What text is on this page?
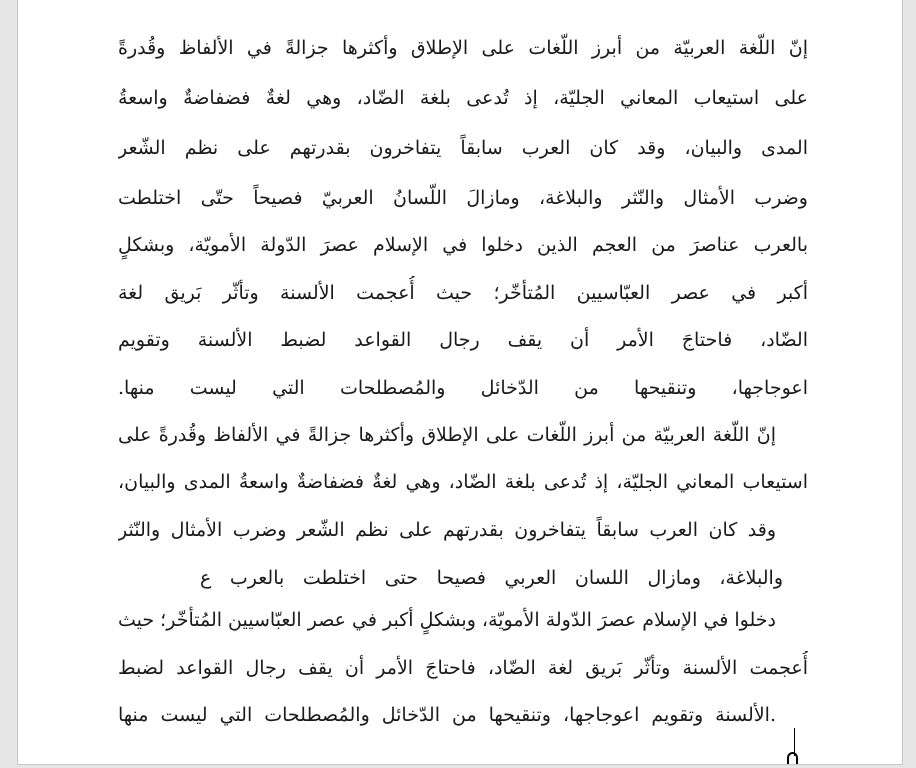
إنّ اللّغة العربيّة من أبرز اللّغات على الإطلاق وأكثرها جزالةً في الألفاظ وقُدرةً
على استيعاب المعاني الجليّة، إذ تُدعى بلغة الضّاد، وهي لغةٌ فضفاضةٌ واسعةُ
المدى والبيان، وقد كان العرب سابقاً يتفاخرون بقدرتهم على نظم الشّعر
وضرب الأمثال والنّثر والبلاغة، ومازالَ اللّسانُ العربيّ فصيحاً حتّى اختلطت
بالعرب عناصرَ من العجم الذين دخلوا في الإسلام عصرَ الدّولة الأمويّة، وبشكلٍ
أكبر في عصر العبّاسيين المُتأخّر؛ حيث أُعجمت الألسنة وتأثّر بَريق لغة
الضّاد، فاحتاجَ الأمر أن يقف رجال القواعد لضبط الألسنة وتقويم
اعوجاجها، وتنقيحها من الدّخائل والمُصطلحات التي ليست منها.
إنّ اللّغة العربيّة من أبرز اللّغات على الإطلاق وأكثرها جزالةً في الألفاظ وقُدرةً على
استيعاب المعاني الجليّة، إذ تُدعى بلغة الضّاد، وهي لغةٌ فضفاضةٌ واسعةُ المدى والبيان،
وقد كان العرب سابقاً يتفاخرون بقدرتهم على نظم الشّعر وضرب الأمثال والنّثر
والبلاغة، ومازال اللسان العربي فصيحا حتى اختلطت بالعرب ع
دخلوا في الإسلام عصرَ الدّولة الأمويّة، وبشكلٍ أكبر في عصر العبّاسيين المُتأخّر؛ حيث
أُعجمت الألسنة وتأثّر بَريق لغة الضّاد، فاحتاجَ الأمر أن يقف رجال القواعد لضبط
.الألسنة وتقويم اعوجاجها، وتنقيحها من الدّخائل والمُصطلحات التي ليست منها
